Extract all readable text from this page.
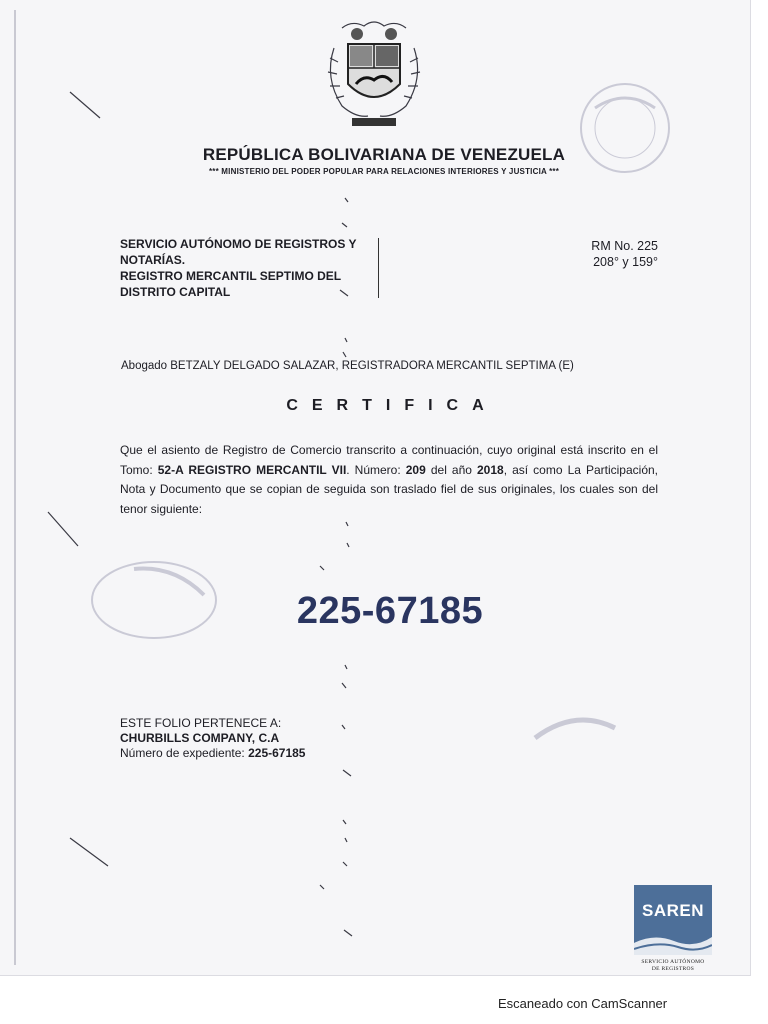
REPÚBLICA BOLIVARIANA DE VENEZUELA
*** MINISTERIO DEL PODER POPULAR PARA RELACIONES INTERIORES Y JUSTICIA ***
SERVICIO AUTÓNOMO DE REGISTROS Y
NOTARÍAS.
REGISTRO MERCANTIL SEPTIMO DEL
DISTRITO CAPITAL
RM No. 225
208° y 159°
Abogado BETZALY DELGADO SALAZAR, REGISTRADORA MERCANTIL SEPTIMA (E)
CERTIFICA
Que el asiento de Registro de Comercio transcrito a continuación, cuyo original está inscrito en el Tomo: 52-A REGISTRO MERCANTIL VII. Número: 209 del año 2018, así como La Participación, Nota y Documento que se copian de seguida son traslado fiel de sus originales, los cuales son del tenor siguiente:
225-67185
ESTE FOLIO PERTENECE A:
CHURBILLS COMPANY, C.A
Número de expediente: 225-67185
SAREN
SERVICIO AUTÓNOMO
DE REGISTROS
Escaneado con CamScanner
